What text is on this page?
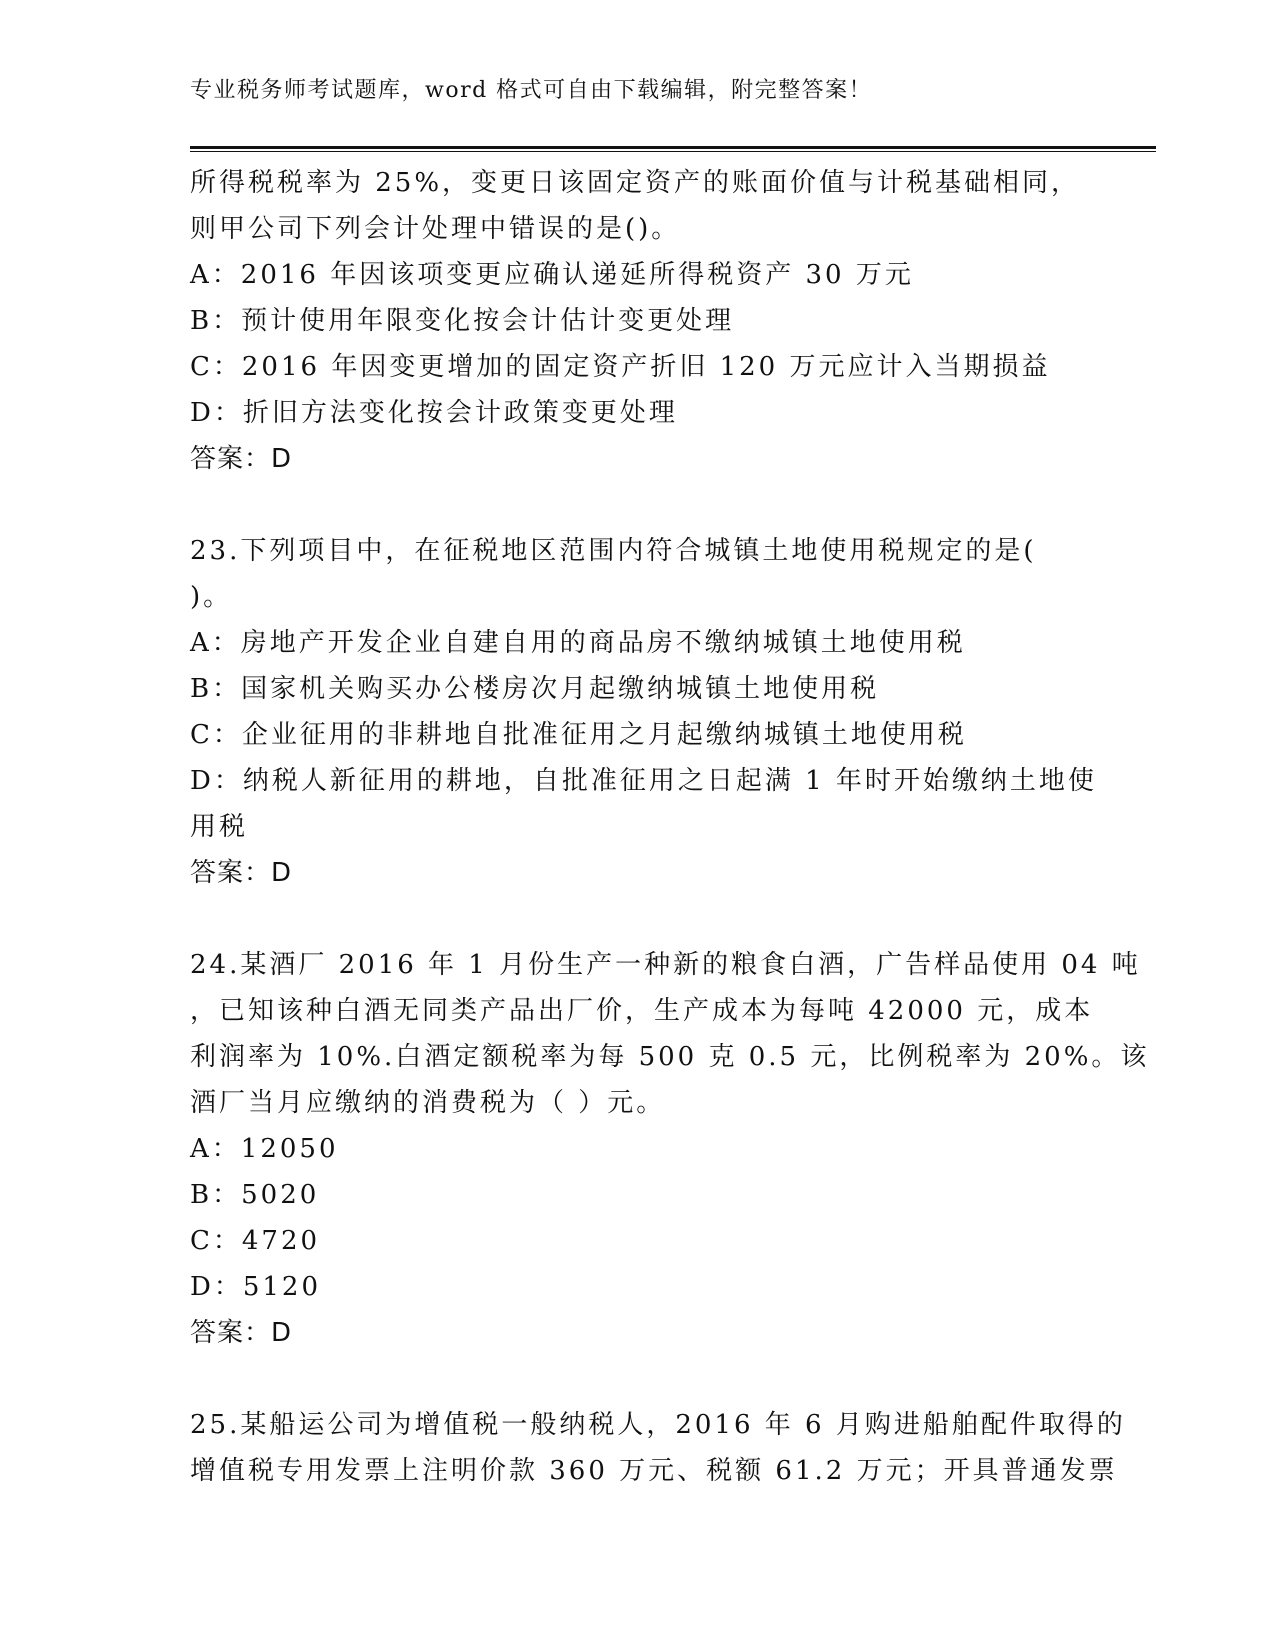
专业税务师考试题库，word 格式可自由下载编辑，附完整答案！
所得税税率为 25%，变更日该固定资产的账面价值与计税基础相同，
则甲公司下列会计处理中错误的是()。
A：2016 年因该项变更应确认递延所得税资产 30 万元
B：预计使用年限变化按会计估计变更处理
C：2016 年因变更增加的固定资产折旧 120 万元应计入当期损益
D：折旧方法变化按会计政策变更处理
答案：D
23.下列项目中，在征税地区范围内符合城镇土地使用税规定的是(
)。
A：房地产开发企业自建自用的商品房不缴纳城镇土地使用税
B：国家机关购买办公楼房次月起缴纳城镇土地使用税
C：企业征用的非耕地自批准征用之月起缴纳城镇土地使用税
D：纳税人新征用的耕地，自批准征用之日起满 1 年时开始缴纳土地使
用税
答案：D
24.某酒厂 2016 年 1 月份生产一种新的粮食白酒，广告样品使用 04 吨
，已知该种白酒无同类产品出厂价，生产成本为每吨 42000 元，成本
利润率为 10%.白酒定额税率为每 500 克 0.5 元，比例税率为 20%。该
酒厂当月应缴纳的消费税为（ ）元。
A：12050
B：5020
C：4720
D：5120
答案：D
25.某船运公司为增值税一般纳税人，2016 年 6 月购进船舶配件取得的
增值税专用发票上注明价款 360 万元、税额 61.2 万元；开具普通发票
